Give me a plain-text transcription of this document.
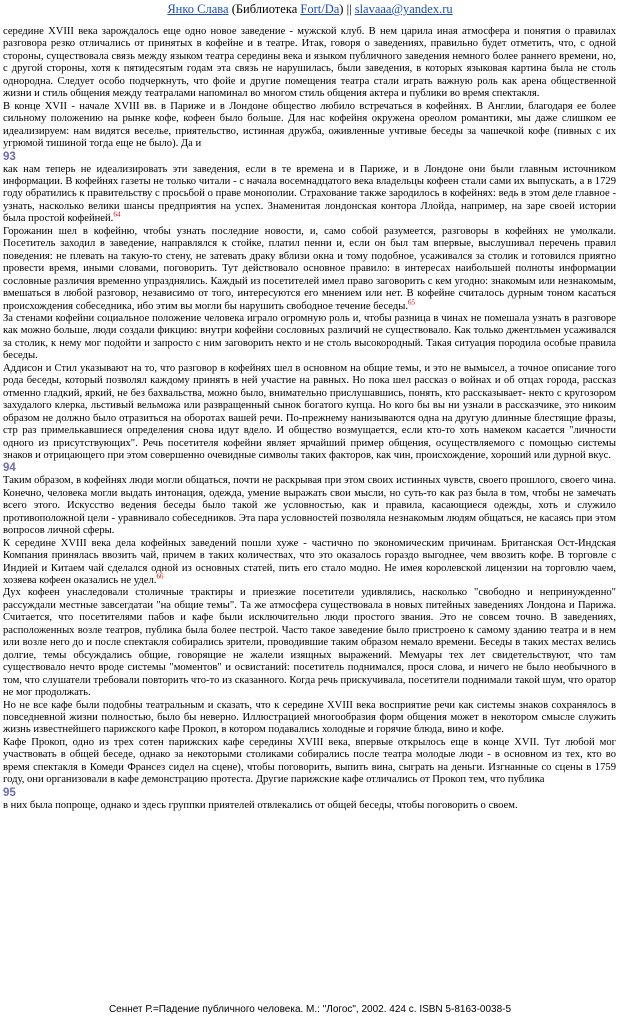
Янко Слава (Библиотека Fort/Da) || slavaaa@yandex.ru

середине XVIII века зарождалось еще одно новое заведение - мужской клуб. В нем царила иная атмосфера и понятия о правилах разговора резко отличались от принятых в кофейне и в театре. Итак, говоря о заведениях, правильно будет отметить, что, с одной стороны, существовала связь между языком театра середины века и языком публичного заведения немного более раннего времени, но, с другой стороны, хотя к пятидесятым годам эта связь не нарушилась, были заведения, в которых языковая картина была не столь однородна. Следует особо подчеркнуть, что фойе и другие помещения театра стали играть важную роль как арена общественной жизни и стиль общения между театралами напоминал во многом стиль общения актера и публики во время спектакля.

В конце XVII - начале XVIII вв. в Париже и в Лондоне общество любило встречаться в кофейнях. В Англии, благодаря ее более сильному положению на рынке кофе, кофеен было больше. Для нас кофейня окружена ореолом романтики, мы даже слишком ее идеализируем: нам видятся веселье, приятельство, истинная дружба, оживленные учтивые беседы за чашечкой кофе (пивных с их угрюмой тишиной тогда еще не было). Да и

93

как нам теперь не идеализировать эти заведения, если в те времена и в Париже, и в Лондоне они были главным источником информации. В кофейнях газеты не только читали - с начала восемнадцатого века владельцы кофеен стали сами их выпускать, а в 1729 году обратились к правительству с просьбой о праве монополии. Страхование также зародилось в кофейнях: ведь в этом деле главное - узнать, насколько велики шансы предприятия на успех. Знаменитая лондонская контора Ллойда, например, на заре своей истории была простой кофейней.$^{64}$

Горожанин шел в кофейню, чтобы узнать последние новости, и, само собой разумеется, разговоры в кофейнях не умолкали. Посетитель заходил в заведение, направлялся к стойке, платил пенни и, если он был там впервые, выслушивал перечень правил поведения: не плевать на такую-то стену, не затевать драку вблизи окна и тому подобное, усаживался за столик и готовился приятно провести время, иными словами, поговорить. Тут действовало основное правило: в интересах наибольшей полноты информации сословные различия временно упразднялись. Каждый из посетителей имел право заговорить с кем угодно: знакомым или незнакомым, вмешаться в любой разговор, независимо от того, интересуются его мнением или нет. В кофейне считалось дурным тоном касаться происхождения собеседника, ибо этим вы могли бы нарушить свободное течение беседы.$^{65}$

За стенами кофейни социальное положение человека играло огромную роль и, чтобы разница в чинах не помешала узнать в разговоре как можно больше, люди создали фикцию: внутри кофейни сословных различий не существовало. Как только джентльмен усаживался за столик, к нему мог подойти и запросто с ним заговорить некто и не столь высокородный. Такая ситуация породила особые правила беседы.

Аддисон и Стил указывают на то, что разговор в кофейнях шел в основном на общие темы, и это не вымысел, а точное описание того рода беседы, который позволял каждому принять в ней участие на равных. Но пока шел рассказ о войнах и об отцах города, рассказ отменно гладкий, яркий, не без бахвальства, можно было, внимательно прислушавшись, понять, кто рассказывает- некто с кругозором захудалого клерка, льстивый вельможа или развращенный сынок богатого купца. Но кого бы вы ни узнали в рассказчике, это никоим образом не должно было отразиться на оборотах вашей речи. По-прежнему нанизываются одна на другую длинные блестящие фразы, стр раз примелькавшиеся определения снова идут вдело. И общество возмущается, если кто-то хоть намеком касается "личности одного из присутствующих". Речь посетителя кофейни являет ярчайший пример общения, осуществляемого с помощью системы знаков и отрицающего при этом совершенно очевидные символы таких факторов, как чин, происхождение, хороший или дурной вкус.

94

Таким образом, в кофейнях люди могли общаться, почти не раскрывая при этом своих истинных чувств, своего прошлого, своего чина. Конечно, человека могли выдать интонация, одежда, умение выражать свои мысли, но суть-то как раз была в том, чтобы не замечать всего этого. Искусство ведения беседы было такой же условностью, как и правила, касающиеся одежды, хоть и служило противоположной цели - уравнивало собеседников. Эта пара условностей позволяла незнакомым людям общаться, не касаясь при этом вопросов личной сферы.

К середине XVIII века дела кофейных заведений пошли хуже - частично по экономическим причинам. Британская Ост-Индская Компания принялась ввозить чай, причем в таких количествах, что это оказалось гораздо выгоднее, чем ввозить кофе. В торговле с Индией и Китаем чай сделался одной из основных статей, пить его стало модно. Не имея королевской лицензии на торговлю чаем, хозяева кофеен оказались не удел.$^{66}$

Дух кофеен унаследовали столичные трактиры и приезжие посетители удивлялись, насколько "свободно и непринужденно" рассуждали местные завсегдатаи "на общие темы". Та же атмосфера существовала в новых питейных заведениях Лондона и Парижа. Считается, что посетителями пабов и кафе были исключительно люди простого звания. Это не совсем точно. В заведениях, расположенных возле театров, публика была более пестрой. Часто такое заведение было пристроено к самому зданию театра и в нем или возле него до и после спектакля собирались зрители, проводившие таким образом немало времени. Беседы в таких местах велись долгие, темы обсуждались общие, говорящие не жалели изящных выражений. Мемуары тех лет свидетельствуют, что там существовало нечто вроде системы "моментов" и освистаний: посетитель поднимался, прося слова, и ничего не было необычного в том, что слушатели требовали повторить что-то из сказанного. Когда речь прискучивала, посетители поднимали такой шум, что оратор не мог продолжать.

Но не все кафе были подобны театральным и сказать, что к середине XVIII века восприятие речи как системы знаков сохранялось в повседневной жизни полностью, было бы неверно. Иллюстрацией многообразия форм общения может в некотором смысле служить жизнь известнейшего парижского кафе Прокоп, в котором подавались холодные и горячие блюда, вино и кофе.

Кафе Прокоп, одно из трех сотен парижских кафе середины XVIII века, впервые открылось еще в конце XVII. Тут любой мог участвовать в общей беседе, однако за некоторыми столиками собирались после театра молодые люди - в основном из тех, кто во время спектакля в Комеди Франсез сидел на сцене), чтобы поговорить, выпить вина, сыграть на деньги. Изгнанные со сцены в 1759 году, они организовали в кафе демонстрацию протеста. Другие парижские кафе отличались от Прокоп тем, что публика

95

в них была попроще, однако и здесь группки приятелей отвлекались от общей беседы, чтобы поговорить о своем.

Сеннет Р.=Падение публичного человека. М.: "Логос", 2002. 424 с. ISBN 5-8163-0038-5
